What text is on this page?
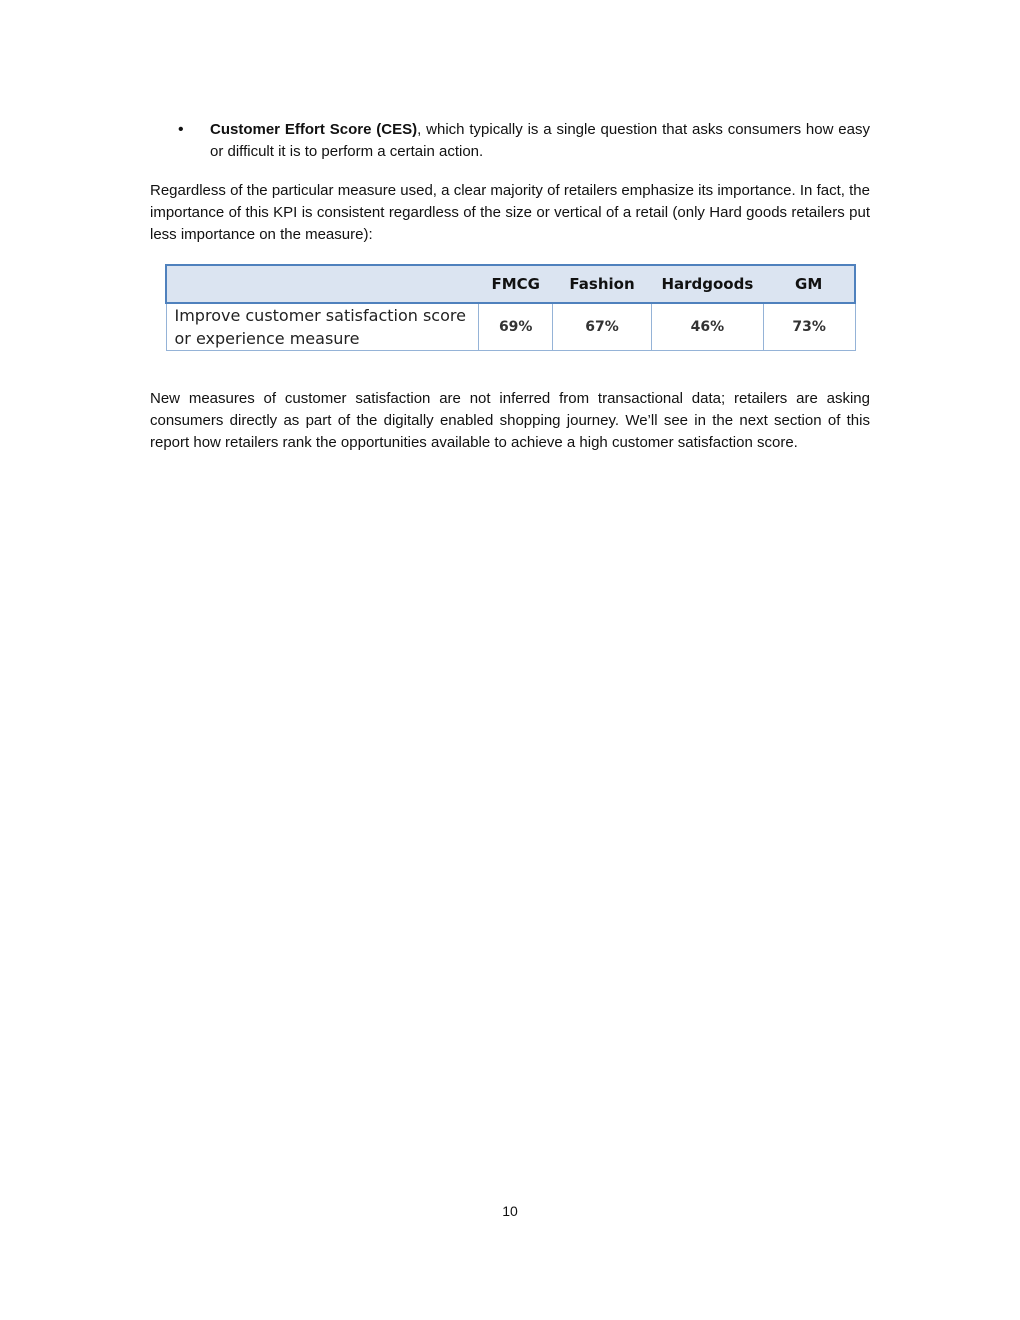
• Customer Effort Score (CES), which typically is a single question that asks consumers how easy or difficult it is to perform a certain action.

Regardless of the particular measure used, a clear majority of retailers emphasize its importance. In fact, the importance of this KPI is consistent regardless of the size or vertical of a retail (only Hard goods retailers put less importance on the measure):

	FMCG	Fashion	Hardgoods	GM
Improve customer satisfaction score or experience measure	69%	67%	46%	73%

New measures of customer satisfaction are not inferred from transactional data; retailers are asking consumers directly as part of the digitally enabled shopping journey. We’ll see in the next section of this report how retailers rank the opportunities available to achieve a high customer satisfaction score.

10
